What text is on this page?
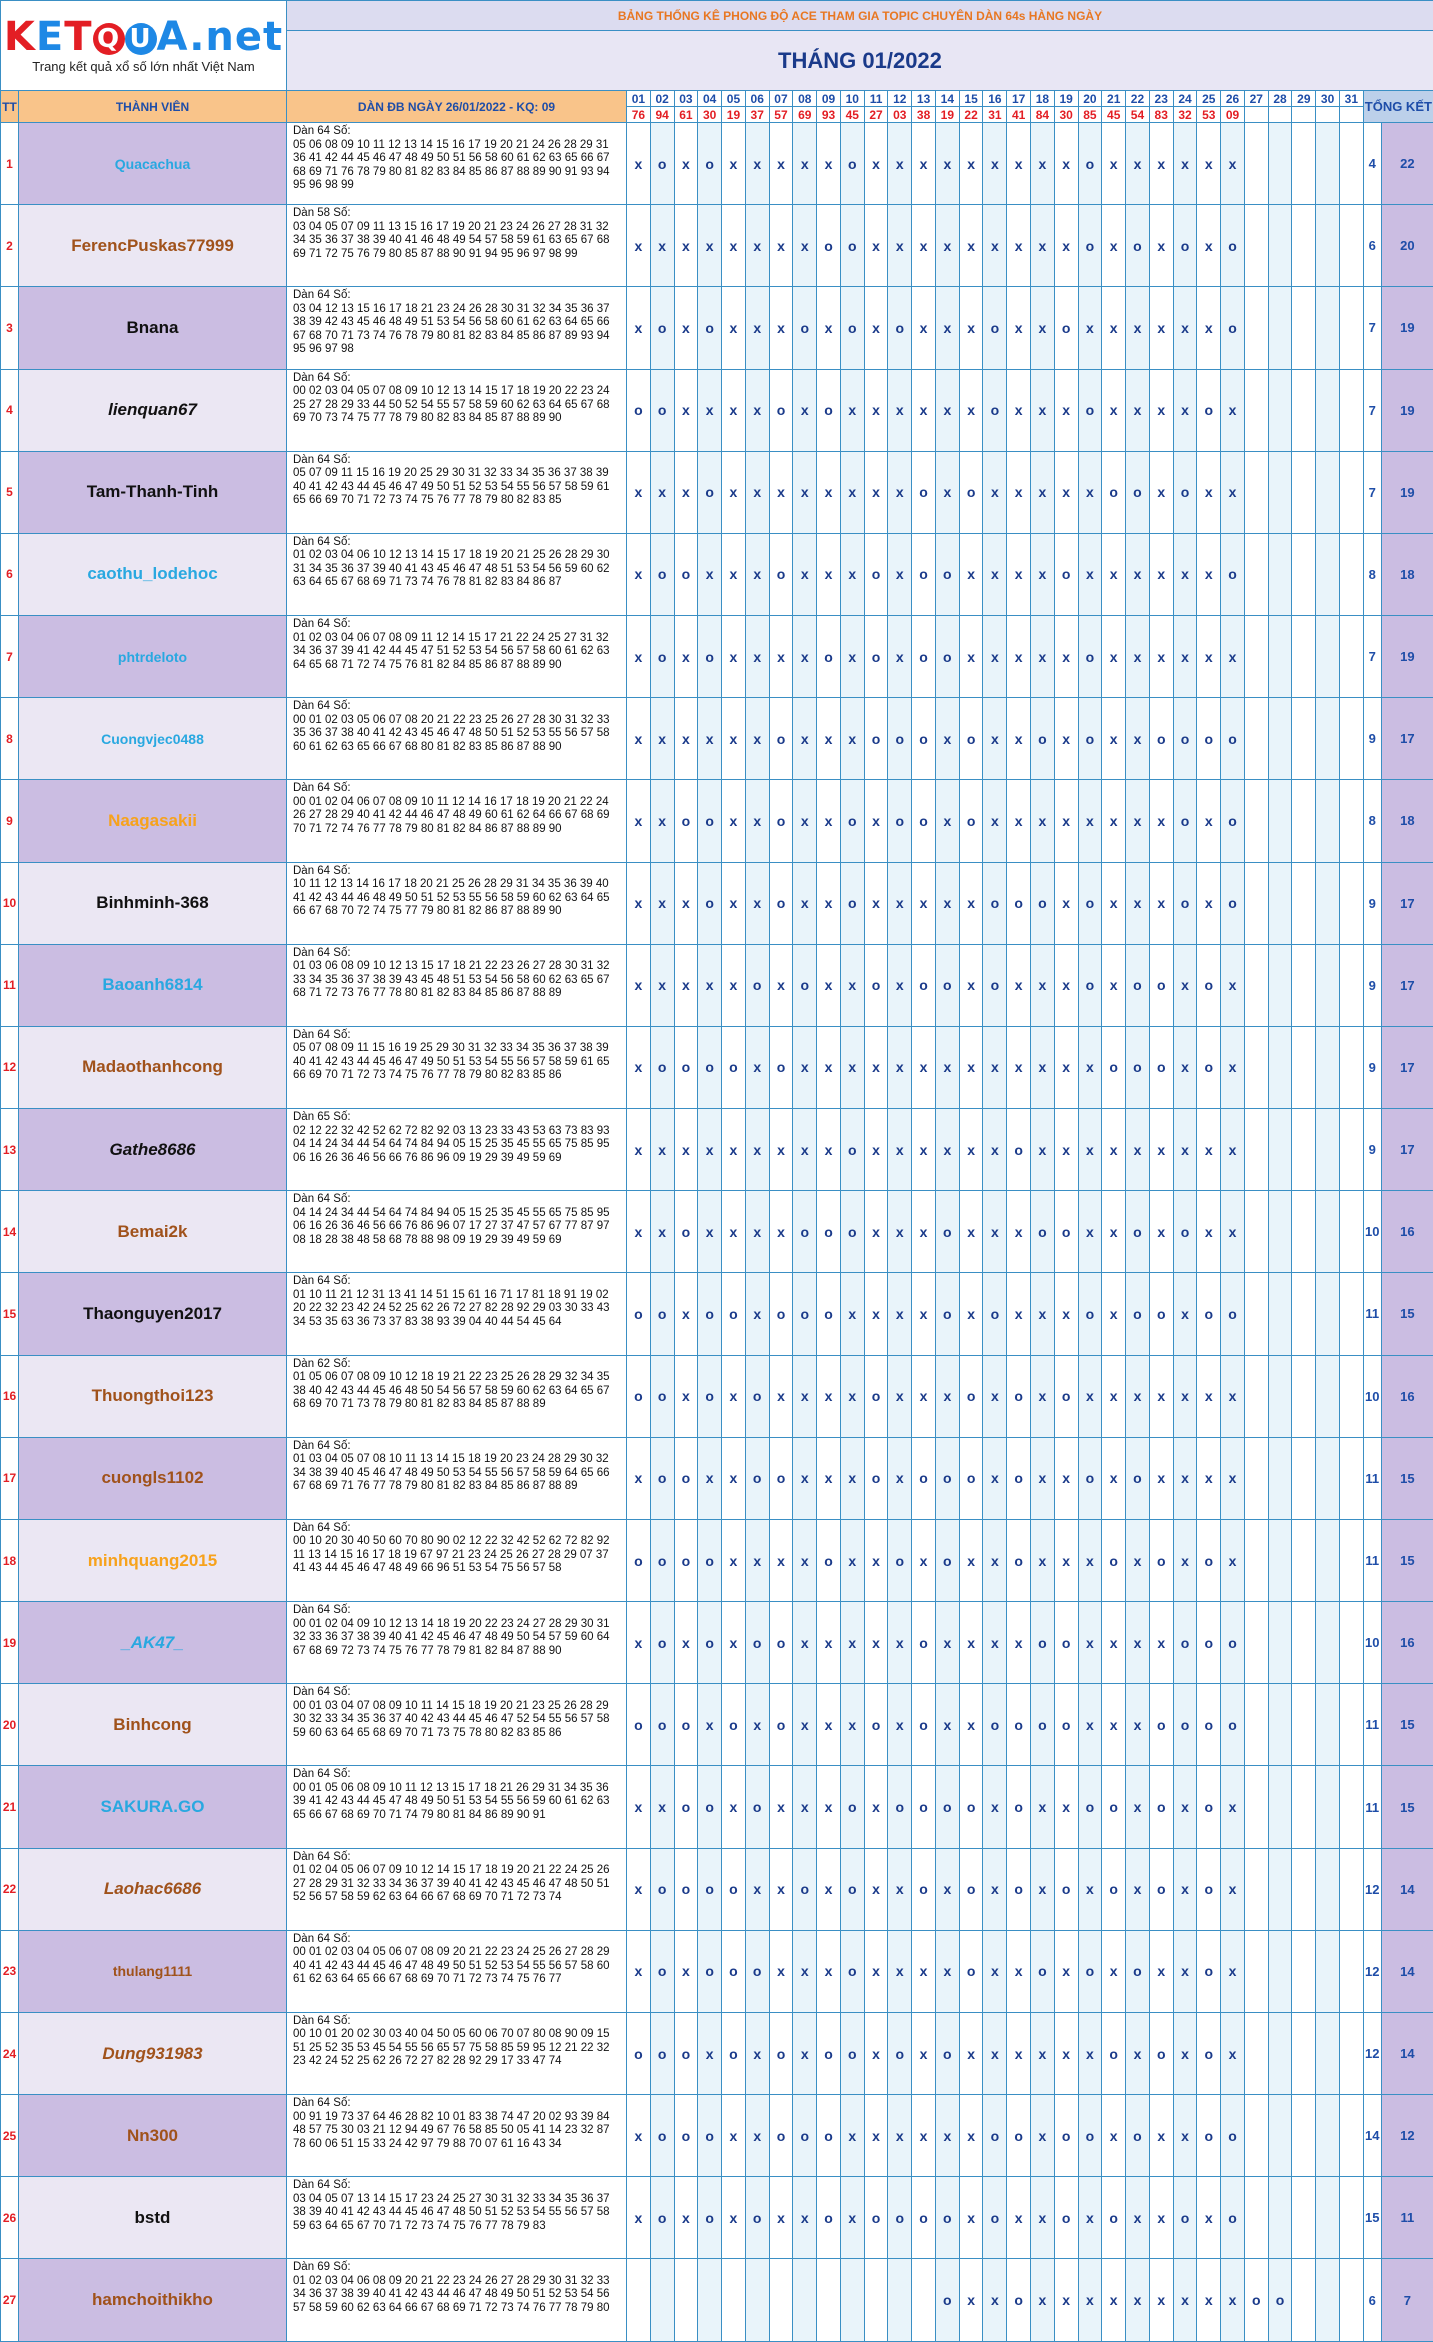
KET Q U A.net
Trang kết quả xổ số lớn nhất Việt Nam		BẢNG THỐNG KÊ PHONG ĐỘ ACE THAM GIA TOPIC CHUYÊN DÀN 64s HÀNG NGÀY																																	
		THÁNG 01/2022																																	
TT	THÀNH VIÊN	DÀN ĐB NGÀY 26/01/2022 - KQ: 09	01	02	03	04	05	06	07	08	09	10	11	12	13	14	15	16	17	18	19	20	21	22	23	24	25	26	27	28	29	30	31	TỔNG KẾT	
			76	94	61	30	19	37	57	69	93	45	27	03	38	19	22	31	41	84	30	85	45	54	83	32	53	09							
1	Quacachua	Dàn 64 Số:
05 06 08 09 10 11 12 13 14 15 16 17 19 20 21 24 26 28 29 31 36 41 42 44 45 46 47 48 49 50 51 56 58 60 61 62 63 65 66 67 68 69 71 76 78 79 80 81 82 83 84 85 86 87 88 89 90 91 93 94 95 96 98 99	x	o	x	o	x	x	x	x	x	o	x	x	x	x	x	x	x	x	x	o	x	x	x	x	x	x						4	22
2	FerencPuskas77999	Dàn 58 Số:
03 04 05 07 09 11 13 15 16 17 19 20 21 23 24 26 27 28 31 32 34 35 36 37 38 39 40 41 46 48 49 54 57 58 59 61 63 65 67 68 69 71 72 75 76 79 80 85 87 88 90 91 94 95 96 97 98 99	x	x	x	x	x	x	x	x	o	o	x	x	x	x	x	x	x	x	x	o	x	o	x	o	x	o						6	20
3	Bnana	Dàn 64 Số:
03 04 12 13 15 16 17 18 21 23 24 26 28 30 31 32 34 35 36 37 38 39 42 43 45 46 48 49 51 53 54 56 58 60 61 62 63 64 65 66 67 68 70 71 73 74 76 78 79 80 81 82 83 84 85 86 87 89 93 94 95 96 97 98	x	o	x	o	x	x	x	o	x	o	x	o	x	x	x	o	x	x	o	x	x	x	x	x	x	o						7	19
4	lienquan67	Dàn 64 Số:
00 02 03 04 05 07 08 09 10 12 13 14 15 17 18 19 20 22 23 24 25 27 28 29 33 44 50 52 54 55 57 58 59 60 62 63 64 65 67 68 69 70 73 74 75 77 78 79 80 82 83 84 85 87 88 89 90	o	o	x	x	x	x	o	x	o	x	x	x	x	x	x	o	x	x	x	o	x	x	x	x	o	x						7	19
5	Tam-Thanh-Tinh	Dàn 64 Số:
05 07 09 11 15 16 19 20 25 29 30 31 32 33 34 35 36 37 38 39 40 41 42 43 44 45 46 47 49 50 51 52 53 54 55 56 57 58 59 61 65 66 69 70 71 72 73 74 75 76 77 78 79 80 82 83 85	x	x	x	o	x	x	x	x	x	x	x	x	o	x	o	x	x	x	x	x	o	o	x	o	x	x						7	19
6	caothu_lodehoc	Dàn 64 Số:
01 02 03 04 06 10 12 13 14 15 17 18 19 20 21 25 26 28 29 30 31 34 35 36 37 39 40 41 43 45 46 47 48 51 53 54 56 59 60 62 63 64 65 67 68 69 71 73 74 76 78 81 82 83 84 86 87	x	o	o	x	x	x	o	x	x	x	o	x	o	o	x	x	x	x	o	x	x	x	x	x	x	o						8	18
7	phtrdeloto	Dàn 64 Số:
01 02 03 04 06 07 08 09 11 12 14 15 17 21 22 24 25 27 31 32 34 36 37 39 41 42 44 45 47 51 52 53 54 56 57 58 60 61 62 63 64 65 68 71 72 74 75 76 81 82 84 85 86 87 88 89 90	x	o	x	o	x	x	x	x	o	x	o	x	o	o	x	x	x	x	x	o	x	x	x	x	x	x						7	19
8	Cuongvjec0488	Dàn 64 Số:
00 01 02 03 05 06 07 08 20 21 22 23 25 26 27 28 30 31 32 33 35 36 37 38 40 41 42 43 45 46 47 48 50 51 52 53 55 56 57 58 60 61 62 63 65 66 67 68 80 81 82 83 85 86 87 88 90	x	x	x	x	x	x	o	x	x	x	o	o	o	x	o	x	x	o	x	o	x	x	o	o	o	o						9	17
9	Naagasakii	Dàn 64 Số:
00 01 02 04 06 07 08 09 10 11 12 14 16 17 18 19 20 21 22 24 26 27 28 29 40 41 42 44 46 47 48 49 60 61 62 64 66 67 68 69 70 71 72 74 76 77 78 79 80 81 82 84 86 87 88 89 90	x	x	o	o	x	x	o	x	x	o	x	o	o	x	o	x	x	x	x	x	x	x	x	o	x	o						8	18
10	Binhminh-368	Dàn 64 Số:
10 11 12 13 14 16 17 18 20 21 25 26 28 29 31 34 35 36 39 40 41 42 43 44 46 48 49 50 51 52 53 55 56 58 59 60 62 63 64 65 66 67 68 70 72 74 75 77 79 80 81 82 86 87 88 89 90	x	x	x	o	x	x	o	x	x	o	x	x	x	x	x	o	o	o	x	o	x	x	x	o	x	o						9	17
11	Baoanh6814	Dàn 64 Số:
01 03 06 08 09 10 12 13 15 17 18 21 22 23 26 27 28 30 31 32 33 34 35 36 37 38 39 43 45 48 51 53 54 56 58 60 62 63 65 67 68 71 72 73 76 77 78 80 81 82 83 84 85 86 87 88 89	x	x	x	x	x	o	x	o	x	x	o	x	o	o	x	o	x	x	x	o	x	o	o	x	o	x						9	17
12	Madaothanhcong	Dàn 64 Số:
05 07 08 09 11 15 16 19 25 29 30 31 32 33 34 35 36 37 38 39 40 41 42 43 44 45 46 47 49 50 51 53 54 55 56 57 58 59 61 65 66 69 70 71 72 73 74 75 76 77 78 79 80 82 83 85 86	x	o	o	o	o	x	o	x	x	x	x	x	x	x	x	x	x	x	x	x	o	o	o	x	o	x						9	17
13	Gathe8686	Dàn 65 Số:
02 12 22 32 42 52 62 72 82 92 03 13 23 33 43 53 63 73 83 93 04 14 24 34 44 54 64 74 84 94 05 15 25 35 45 55 65 75 85 95 06 16 26 36 46 56 66 76 86 96 09 19 29 39 49 59 69	x	x	x	x	x	x	x	x	x	o	x	x	x	x	x	x	o	x	x	x	x	x	x	x	x	x						9	17
14	Bemai2k	Dàn 64 Số:
04 14 24 34 44 54 64 74 84 94 05 15 25 35 45 55 65 75 85 95 06 16 26 36 46 56 66 76 86 96 07 17 27 37 47 57 67 77 87 97 08 18 28 38 48 58 68 78 88 98 09 19 29 39 49 59 69	x	x	o	x	x	x	x	o	o	o	x	x	x	o	x	x	x	o	o	x	x	o	x	o	x	x						10	16
15	Thaonguyen2017	Dàn 64 Số:
01 10 11 21 12 31 13 41 14 51 15 61 16 71 17 81 18 91 19 02 20 22 32 23 42 24 52 25 62 26 72 27 82 28 92 29 03 30 33 43 34 53 35 63 36 73 37 83 38 93 39 04 40 44 54 45 64	o	o	x	o	o	x	o	o	o	x	x	x	x	o	x	o	x	x	x	o	x	o	o	x	o	o						11	15
16	Thuongthoi123	Dàn 62 Số:
01 05 06 07 08 09 10 12 18 19 21 22 23 25 26 28 29 32 34 35 38 40 42 43 44 45 46 48 50 54 56 57 58 59 60 62 63 64 65 67 68 69 70 71 73 78 79 80 81 82 83 84 85 87 88 89	o	o	x	o	x	o	x	x	x	x	o	x	x	x	o	x	o	x	o	x	x	x	x	x	x	x						10	16
17	cuongls1102	Dàn 64 Số:
01 03 04 05 07 08 10 11 13 14 15 18 19 20 23 24 28 29 30 32 34 38 39 40 45 46 47 48 49 50 53 54 55 56 57 58 59 64 65 66 67 68 69 71 76 77 78 79 80 81 82 83 84 85 86 87 88 89	x	o	o	x	x	o	o	x	x	x	o	x	o	o	o	x	o	x	x	o	x	o	x	x	x	x						11	15
18	minhquang2015	Dàn 64 Số:
00 10 20 30 40 50 60 70 80 90 02 12 22 32 42 52 62 72 82 92 11 13 14 15 16 17 18 19 67 97 21 23 24 25 26 27 28 29 07 37 41 43 44 45 46 47 48 49 66 96 51 53 54 75 56 57 58	o	o	o	o	x	x	x	x	o	x	x	o	x	o	x	x	o	x	x	x	o	x	o	x	o	x						11	15
19	_AK47_	Dàn 64 Số:
00 01 02 04 09 10 12 13 14 18 19 20 22 23 24 27 28 29 30 31 32 33 36 37 38 39 40 41 42 45 46 47 48 49 50 54 57 59 60 64 67 68 69 72 73 74 75 76 77 78 79 81 82 84 87 88 90	x	o	x	o	x	o	o	x	x	x	x	x	o	x	x	x	x	o	o	x	x	x	x	o	o	o						10	16
20	Binhcong	Dàn 64 Số:
00 01 03 04 07 08 09 10 11 14 15 18 19 20 21 23 25 26 28 29 30 32 33 34 35 36 37 40 42 43 44 45 46 47 52 54 55 56 57 58 59 60 63 64 65 68 69 70 71 73 75 78 80 82 83 85 86	o	o	o	x	o	x	o	x	x	x	o	x	o	x	x	o	o	o	o	x	x	x	o	o	o	o						11	15
21	SAKURA.GO	Dàn 64 Số:
00 01 05 06 08 09 10 11 12 13 15 17 18 21 26 29 31 34 35 36 39 41 42 43 44 45 47 48 49 50 51 53 54 55 56 59 60 61 62 63 65 66 67 68 69 70 71 74 79 80 81 84 86 89 90 91	x	x	o	o	x	o	x	x	x	o	x	o	o	o	o	x	o	x	x	o	o	x	o	x	o	x						11	15
22	Laohac6686	Dàn 64 Số:
01 02 04 05 06 07 09 10 12 14 15 17 18 19 20 21 22 24 25 26 27 28 29 31 32 33 34 36 37 39 40 41 42 43 45 46 47 48 50 51 52 56 57 58 59 62 63 64 66 67 68 69 70 71 72 73 74	x	o	o	o	o	x	x	o	x	o	x	x	o	x	o	x	o	x	o	x	o	x	o	x	o	x						12	14
23	thulang1111	Dàn 64 Số:
00 01 02 03 04 05 06 07 08 09 20 21 22 23 24 25 26 27 28 29 40 41 42 43 44 45 46 47 48 49 50 51 52 53 54 55 56 57 58 60 61 62 63 64 65 66 67 68 69 70 71 72 73 74 75 76 77	x	o	x	o	o	o	x	x	x	o	x	x	x	x	o	x	x	o	x	o	x	o	x	x	o	x						12	14
24	Dung931983	Dàn 64 Số:
00 10 01 20 02 30 03 40 04 50 05 60 06 70 07 80 08 90 09 15 51 25 52 35 53 45 54 55 56 65 57 75 58 85 59 95 12 21 22 32 23 42 24 52 25 62 26 72 27 82 28 92 29 17 33 47 74	o	o	o	x	o	x	o	x	o	o	x	o	x	o	x	x	x	x	x	x	o	x	o	x	o	x						12	14
25	Nn300	Dàn 64 Số:
00 91 19 73 37 64 46 28 82 10 01 83 38 74 47 20 02 93 39 84 48 57 75 30 03 21 12 94 49 67 76 58 85 50 05 41 14 23 32 87 78 60 06 51 15 33 24 42 97 79 88 70 07 61 16 43 34	x	o	o	o	x	x	o	o	o	x	x	x	x	x	x	o	o	x	o	o	x	o	x	x	o	o						14	12
26	bstd	Dàn 64 Số:
03 04 05 07 13 14 15 17 23 24 25 27 30 31 32 33 34 35 36 37 38 39 40 41 42 43 44 45 46 47 48 50 51 52 53 54 55 56 57 58 59 63 64 65 67 70 71 72 73 74 75 76 77 78 79 83	x	o	x	o	x	o	x	x	o	x	o	o	o	o	x	o	x	x	o	x	o	x	x	o	x	o						15	11
27	hamchoithikho	Dàn 69 Số:
01 02 03 04 06 08 09 20 21 22 23 24 26 27 28 29 30 31 32 33 34 36 37 38 39 40 41 42 43 44 46 47 48 49 50 51 52 53 54 56 57 58 59 60 62 63 64 66 67 68 69 71 72 73 74 76 77 78 79 80														o	x	x	o	x	x	x	x	x	x	x	x	x	o	o				6	7
